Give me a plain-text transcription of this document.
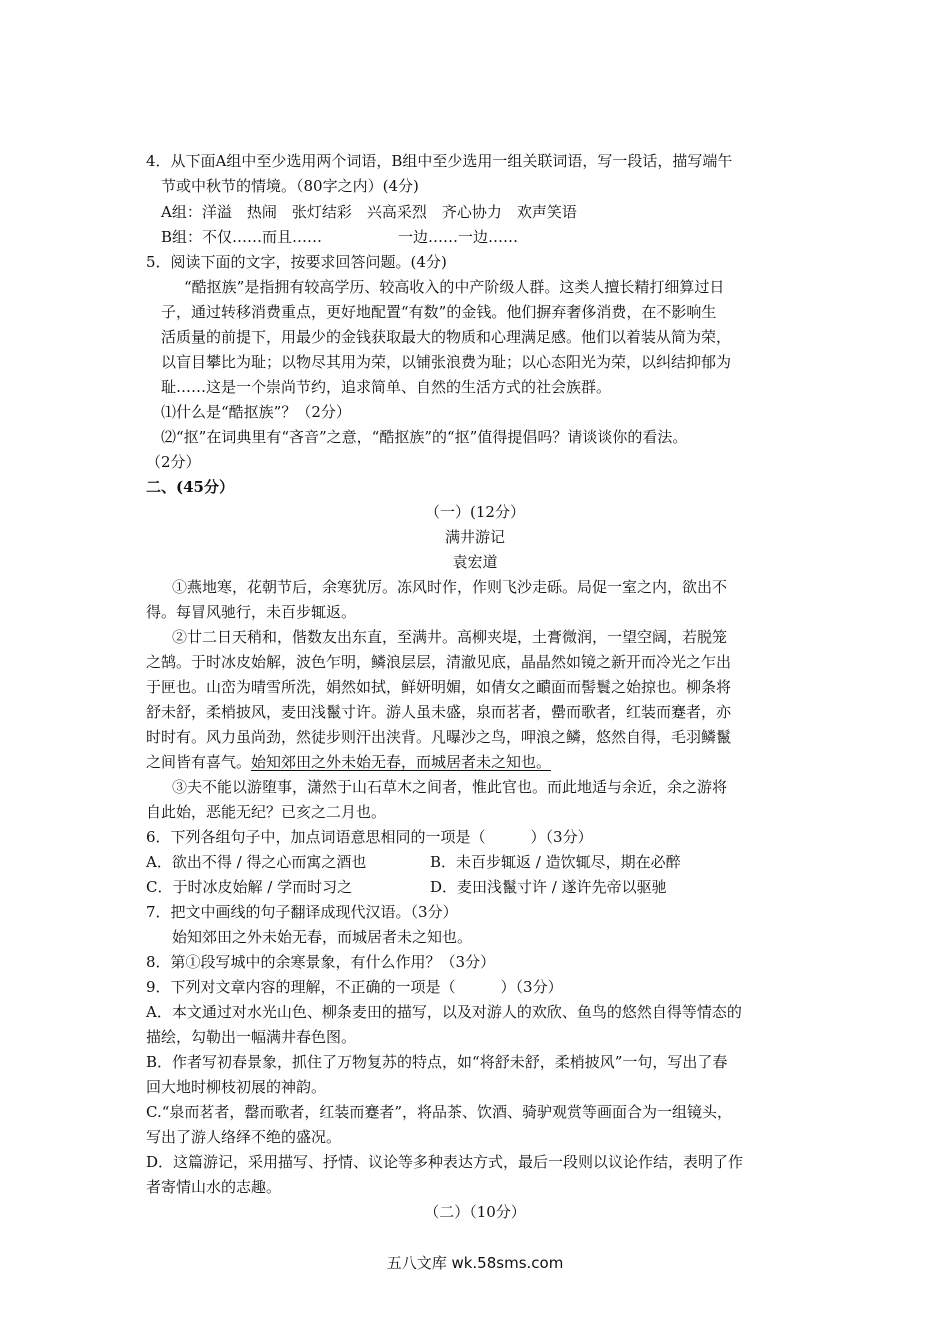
4．从下面A组中至少选用两个词语，B组中至少选用一组关联词语，写一段话，描写端午
节或中秋节的情境。（80字之内）(4分)
A组：洋溢　热闹　张灯结彩　兴高采烈　齐心协力　欢声笑语
B组：不仅……而且……	一边……一边……
5．阅读下面的文字，按要求回答问题。(4分)
“酷抠族”是指拥有较高学历、较高收入的中产阶级人群。这类人擅长精打细算过日
子，通过转移消费重点，更好地配置“有数”的金钱。他们摒弃奢侈消费，在不影响生
活质量的前提下，用最少的金钱获取最大的物质和心理满足感。他们以着装从简为荣，
以盲目攀比为耻；以物尽其用为荣，以铺张浪费为耻；以心态阳光为荣，以纠结抑郁为
耻……这是一个崇尚节约，追求简单、自然的生活方式的社会族群。
⑴什么是“酷抠族”？（2分）
⑵“抠”在词典里有“吝音”之意，“酷抠族”的“抠”值得提倡吗？请谈谈你的看法。
（2分）
二、(45分）
（一）(12分）
满井游记
袁宏道
①燕地寒，花朝节后，余寒犹厉。冻风时作，作则飞沙走砾。局促一室之内，欲出不
得。每冒风驰行，未百步辄返。
②廿二日天稍和，偕数友出东直，至满井。高柳夹堤，土膏微润，一望空阔，若脱笼
之鹄。于时冰皮始解，波色乍明，鳞浪层层，清澈见底，晶晶然如镜之新开而冷光之乍出
于匣也。山峦为晴雪所洗，娟然如拭，鲜妍明媚，如倩女之靧面而髻鬟之始掠也。柳条将
舒未舒，柔梢披风，麦田浅鬣寸许。游人虽未盛，泉而茗者，罍而歌者，红装而蹇者，亦
时时有。风力虽尚劲，然徒步则汗出浃背。凡曝沙之鸟，呷浪之鳞，悠然自得，毛羽鳞鬣
之间皆有喜气。始知郊田之外未始无春，而城居者未之知也。
③夫不能以游堕事，潇然于山石草木之间者，惟此官也。而此地适与余近，余之游将
自此始，恶能无纪？已亥之二月也。
6．下列各组句子中，加点词语意思相同的一项是（　　　）（3分）
A．欲出不得 / 得之心而寓之酒也	B．未百步辄返 / 造饮辄尽，期在必醉
C．于时冰皮始解 / 学而时习之	D．麦田浅鬣寸许 / 遂许先帝以驱驰
7．把文中画线的句子翻译成现代汉语。（3分）
始知郊田之外未始无春，而城居者未之知也。
8．第①段写城中的余寒景象，有什么作用？（3分）
9．下列对文章内容的理解，不正确的一项是（　　　）（3分）
A．本文通过对水光山色、柳条麦田的描写，以及对游人的欢欣、鱼鸟的悠然自得等情态的
描绘，勾勒出一幅满井春色图。
B．作者写初春景象，抓住了万物复苏的特点，如“将舒未舒，柔梢披风”一句，写出了春
回大地时柳枝初展的神韵。
C.“泉而茗者，罄而歌者，红装而蹇者”，将品茶、饮酒、骑驴观赏等画面合为一组镜头，
写出了游人络绎不绝的盛况。
D．这篇游记，采用描写、抒情、议论等多种表达方式，最后一段则以议论作结，表明了作
者寄情山水的志趣。
（二）（10分）
五八文库 wk.58sms.com
